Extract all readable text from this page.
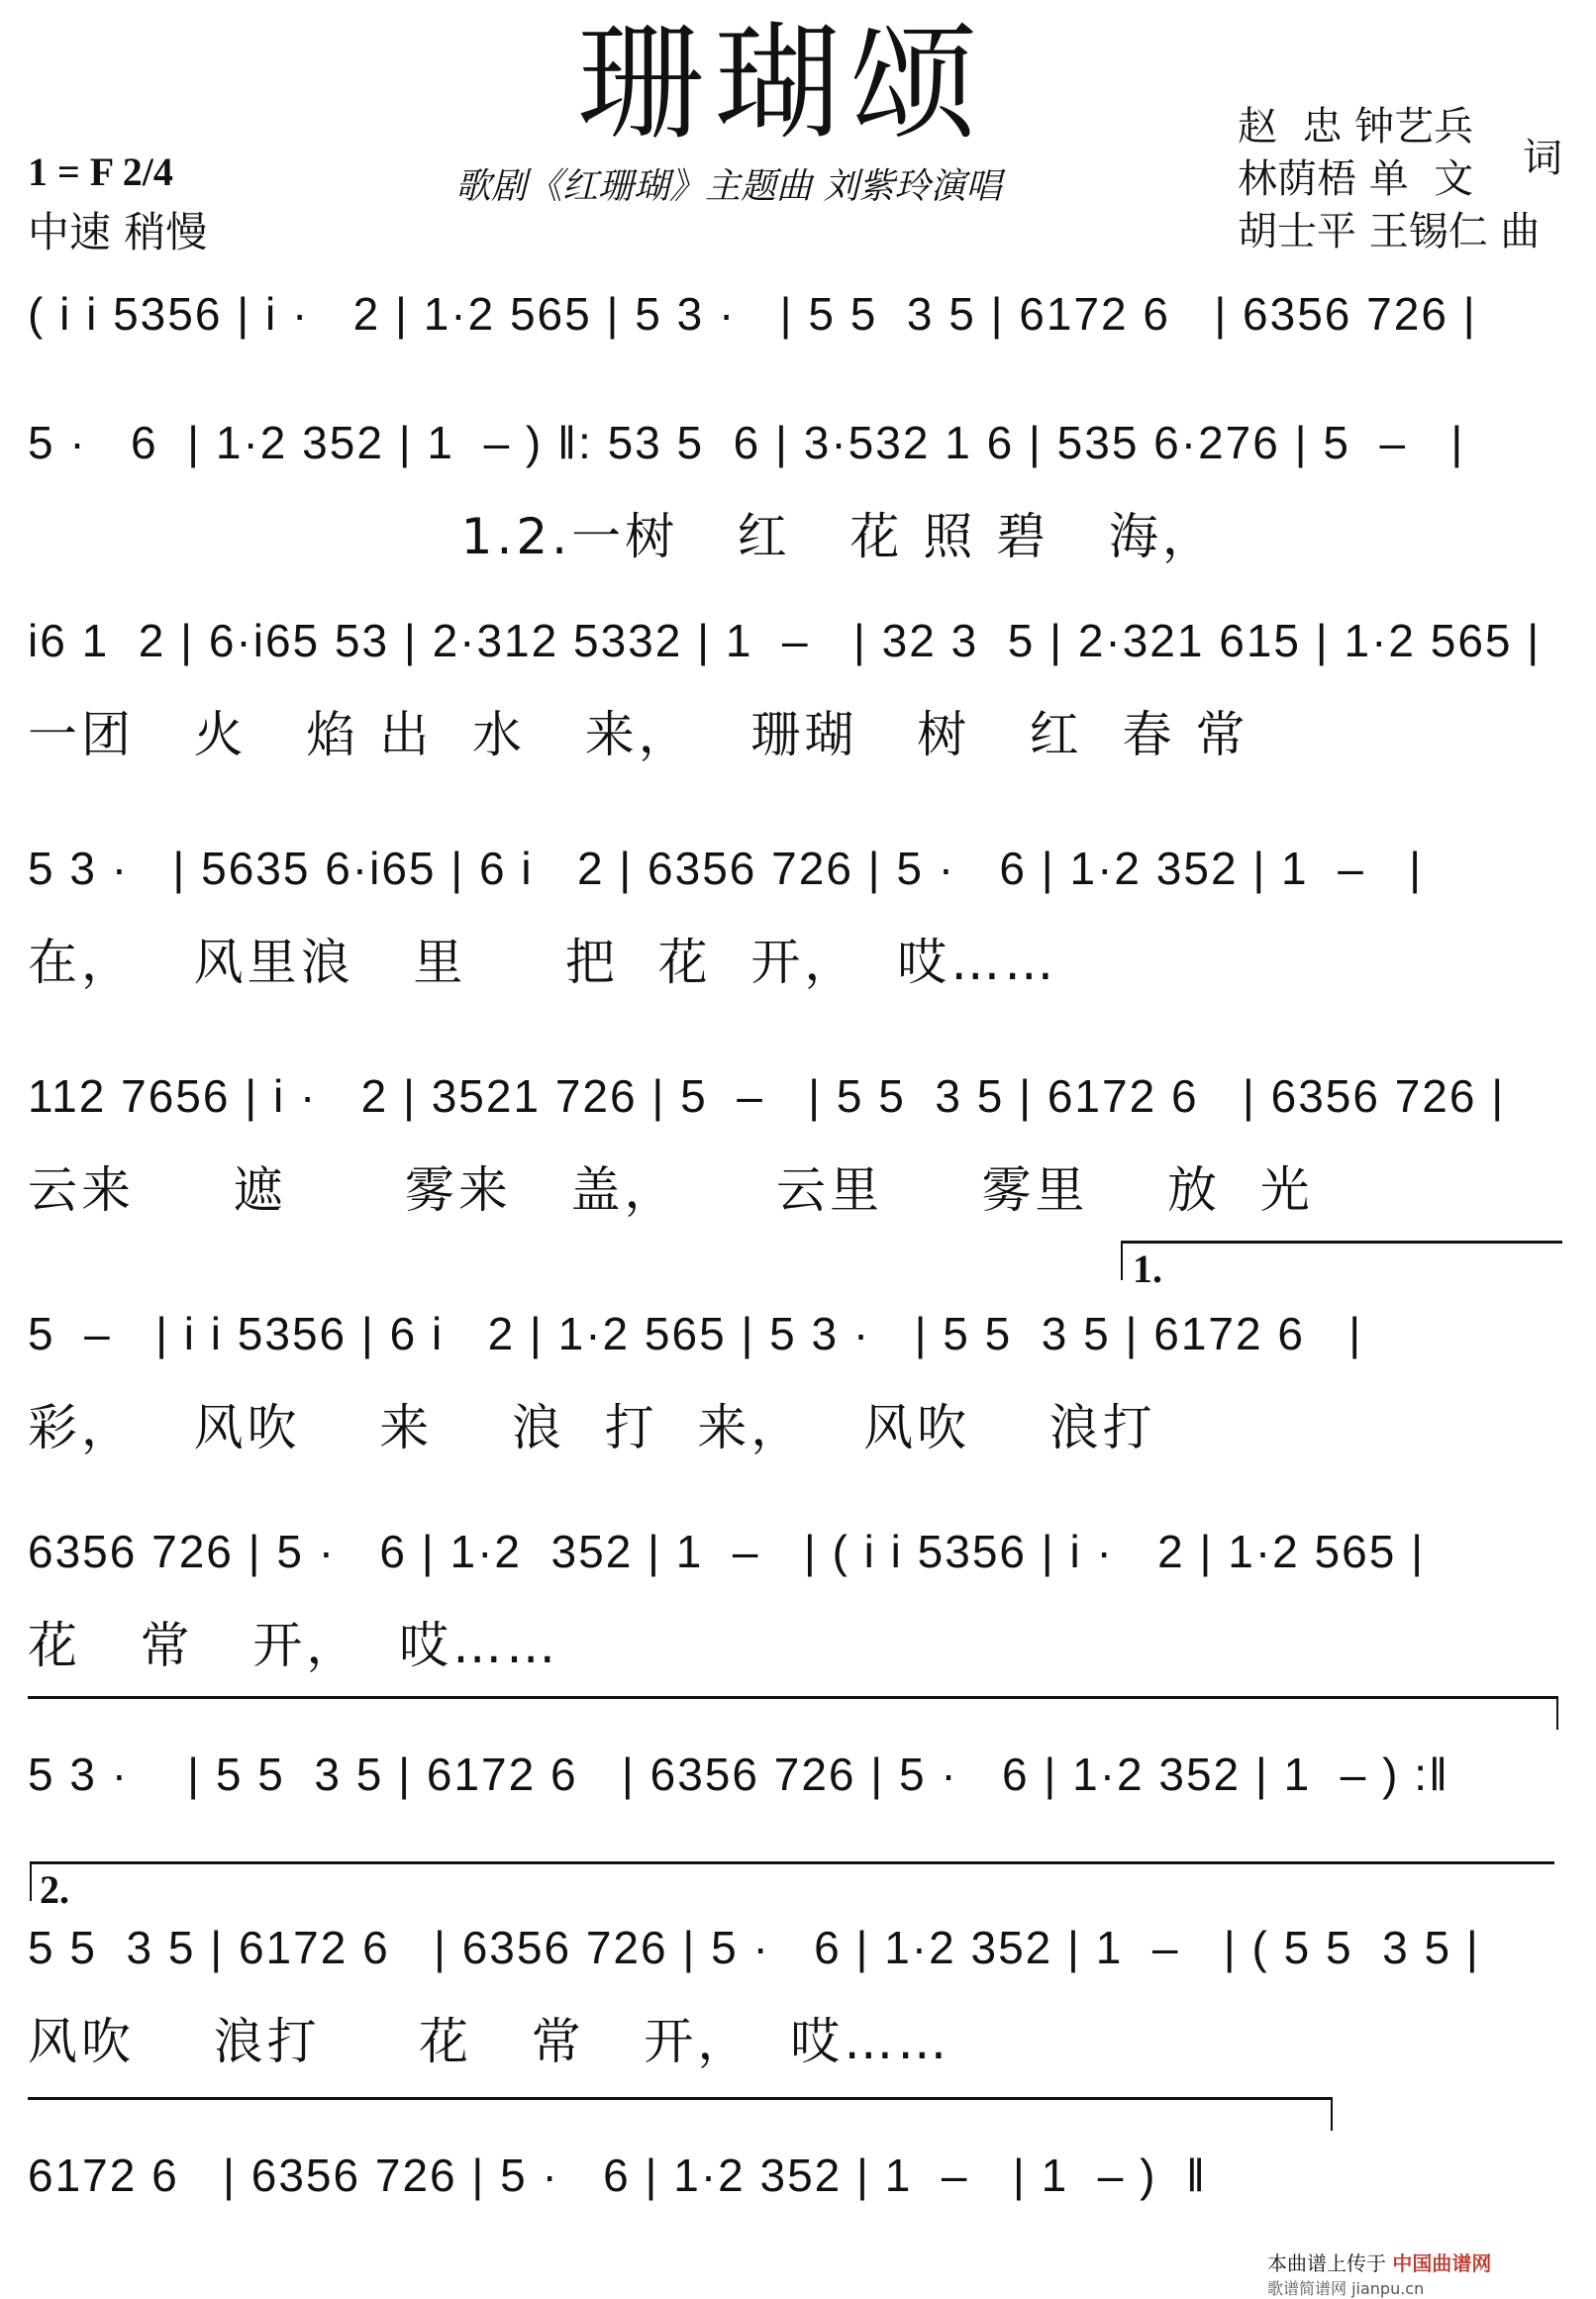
珊瑚颂
歌剧《红珊瑚》主题曲 刘紫玲演唱
1 = F 2/4
中速 稍慢
赵  忠 钟艺兵
林荫梧 单  文
胡士平 王锡仁 曲
词
( i i 5356 | i ·   2 | 1·2 565 | 5 3 ·   | 5 5  3 5 | 6172 6   | 6356 726 |
5 ·   6  | 1·2 352 | 1  – ) ‖: 53 5  6 | 3·532 1 6 | 535 6·276 | 5  –   |
1.2.一树   红   花 照 碧   海，
i6 1  2 | 6·i65 53 | 2·312 5332 | 1  –   | 32 3  5 | 2·321 615 | 1·2 565 |
一团   火   焰 出  水   来，   珊瑚   树   红  春 常
5 3 ·   | 5635 6·i65 | 6 i   2 | 6356 726 | 5 ·   6 | 1·2 352 | 1  –   |
在，   风里浪   里     把  花  开，  哎……
112 7656 | i ·   2 | 3521 726 | 5  –   | 5 5  3 5 | 6172 6   | 6356 726 |
云来     遮      雾来   盖，     云里     雾里    放  光
1.
5  –   | i i 5356 | 6 i   2 | 1·2 565 | 5 3 ·   | 5 5  3 5 | 6172 6   |
彩，   风吹    来    浪  打  来，   风吹    浪打
6356 726 | 5 ·   6 | 1·2  352 | 1  –   | ( i i 5356 | i ·   2 | 1·2 565 |
花   常   开，  哎……
5 3 ·    | 5 5  3 5 | 6172 6   | 6356 726 | 5 ·   6 | 1·2 352 | 1  – ) :‖
2.
5 5  3 5 | 6172 6   | 6356 726 | 5 ·   6 | 1·2 352 | 1  –   | ( 5 5  3 5 |
风吹    浪打     花   常   开，  哎……
6172 6   | 6356 726 | 5 ·   6 | 1·2 352 | 1  –   | 1  – )  ‖
本曲谱上传于 中国曲谱网
歌谱简谱网 jianpu.cn
